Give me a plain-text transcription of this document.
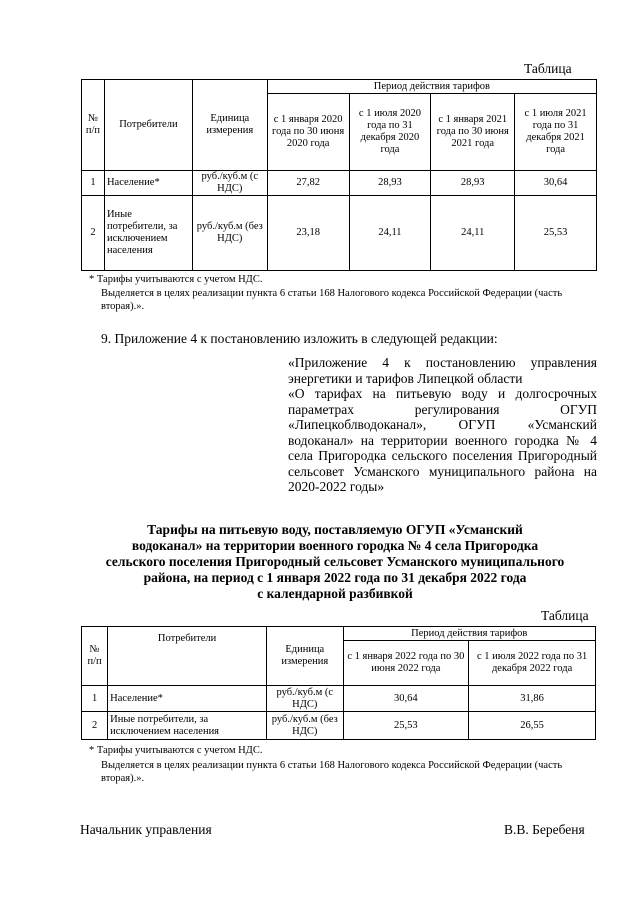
Таблица
№ п/п	Потребители	Единица измерения	Период действия тарифов			
			с 1 января 2020 года по 30 июня 2020 года	с 1 июля 2020 года по 31 декабря 2020 года	с 1 января 2021 года по 30 июня 2021 года	с 1 июля 2021 года по 31 декабря 2021 года
1	Население*	руб./куб.м (с НДС)	27,82	28,93	28,93	30,64
2	Иные потребители, за исключением населения	руб./куб.м (без НДС)	23,18	24,11	24,11	25,53
* Тарифы учитываются с учетом НДС.
Выделяется в целях реализации пункта 6 статьи 168 Налогового кодекса Российской Федерации (часть вторая).».
9. Приложение 4 к постановлению изложить в следующей редакции:
«Приложение 4 к постановлению управления энергетики и тарифов Липецкой области
«О тарифах на питьевую воду и долгосрочных параметрах регулирования ОГУП «Липецкоблводоканал», ОГУП «Усманский водоканал» на территории военного городка № 4 села Пригородка сельского поселения Пригородный сельсовет Усманского муниципального района на 2020-2022 годы»
Тарифы на питьевую воду, поставляемую ОГУП «Усманский
водоканал» на территории военного городка № 4 села Пригородка
сельского поселения Пригородный сельсовет Усманского муниципального
района, на период с 1 января 2022 года по 31 декабря 2022 года
с календарной разбивкой
Таблица
№ п/п	Потребители	Единица измерения	Период действия тарифов	
			с 1 января 2022 года по 30 июня 2022 года	с 1 июля 2022 года по 31 декабря 2022 года
1	Население*	руб./куб.м (с НДС)	30,64	31,86
2	Иные потребители, за исключением населения	руб./куб.м (без НДС)	25,53	26,55
* Тарифы учитываются с учетом НДС.
Выделяется в целях реализации пункта 6 статьи 168 Налогового кодекса Российской Федерации (часть вторая).».
Начальник управления	В.В. Беребеня
